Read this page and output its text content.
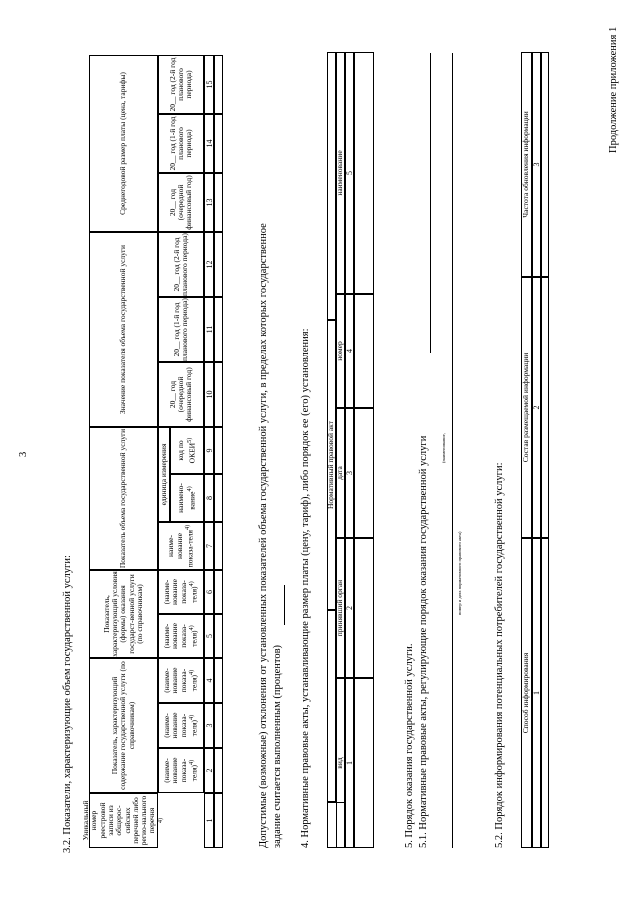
Продолжение приложения 1
3
3.2. Показатели, характеризующие объем государственной услуги: Уникальный номер реестровой записи из общерос-сийских перечней либо регио-нального перечня 4)
Показатель, характеризующий содержание государственной услуги (по справочникам)
Показатель, характеризующий условия (формы) оказания государст-венной услуги (по справочникам)
Показатель объема государственной услуги
Значение показателя объема государственной услуги
Среднегодовой размер платы (цена, тарифы)
(наиме-нование показа-теля)$^{4)}$
(наиме-нование показа-теля)$^{4)}$
(наиме-нование показа-теля)$^{4)}$
(наиме-нование показа-теля)$^{4)}$
(наиме-нование показа-теля)$^{4)}$
наиме-нование показа-теля$^{4)}$
единица измерения наимено-вание$^{4)}$
код по ОКЕИ$^{5)}$
20__ год (очередной финансовый год)
20__ год (1-й год планового периода)
20__ год (2-й год планового периода)
20__ год (очередной финансовый год)
20__ год (1-й год планового периода)
20__ год (2-й год планового периода)
1
2
3
4
5
6
7
8
9
10
11
12
13
14
15
Допустимые (возможные) отклонения от установленных показателей объема государственной услуги, в пределах которых государственное задание считается выполненным (процентов) 4. Нормативные правовые акты, устанавливающие размер платы (цену, тариф), либо порядок ее (его) установления: Нормативный правовой акт
вид
принявший орган
дата
номер
наименование
1
2
3
4
5
5. Порядок оказания государственной услуги. 5.1. Нормативные правовые акты, регулирующие порядок оказания государственной услуги	(наименование,
номер и дата нормативного правового акта)	5.2. Порядок информирования потенциальных потребителей государственной услуги: Способ информирования
Состав размещаемой информации
Частота обновления информации
1
2
3
